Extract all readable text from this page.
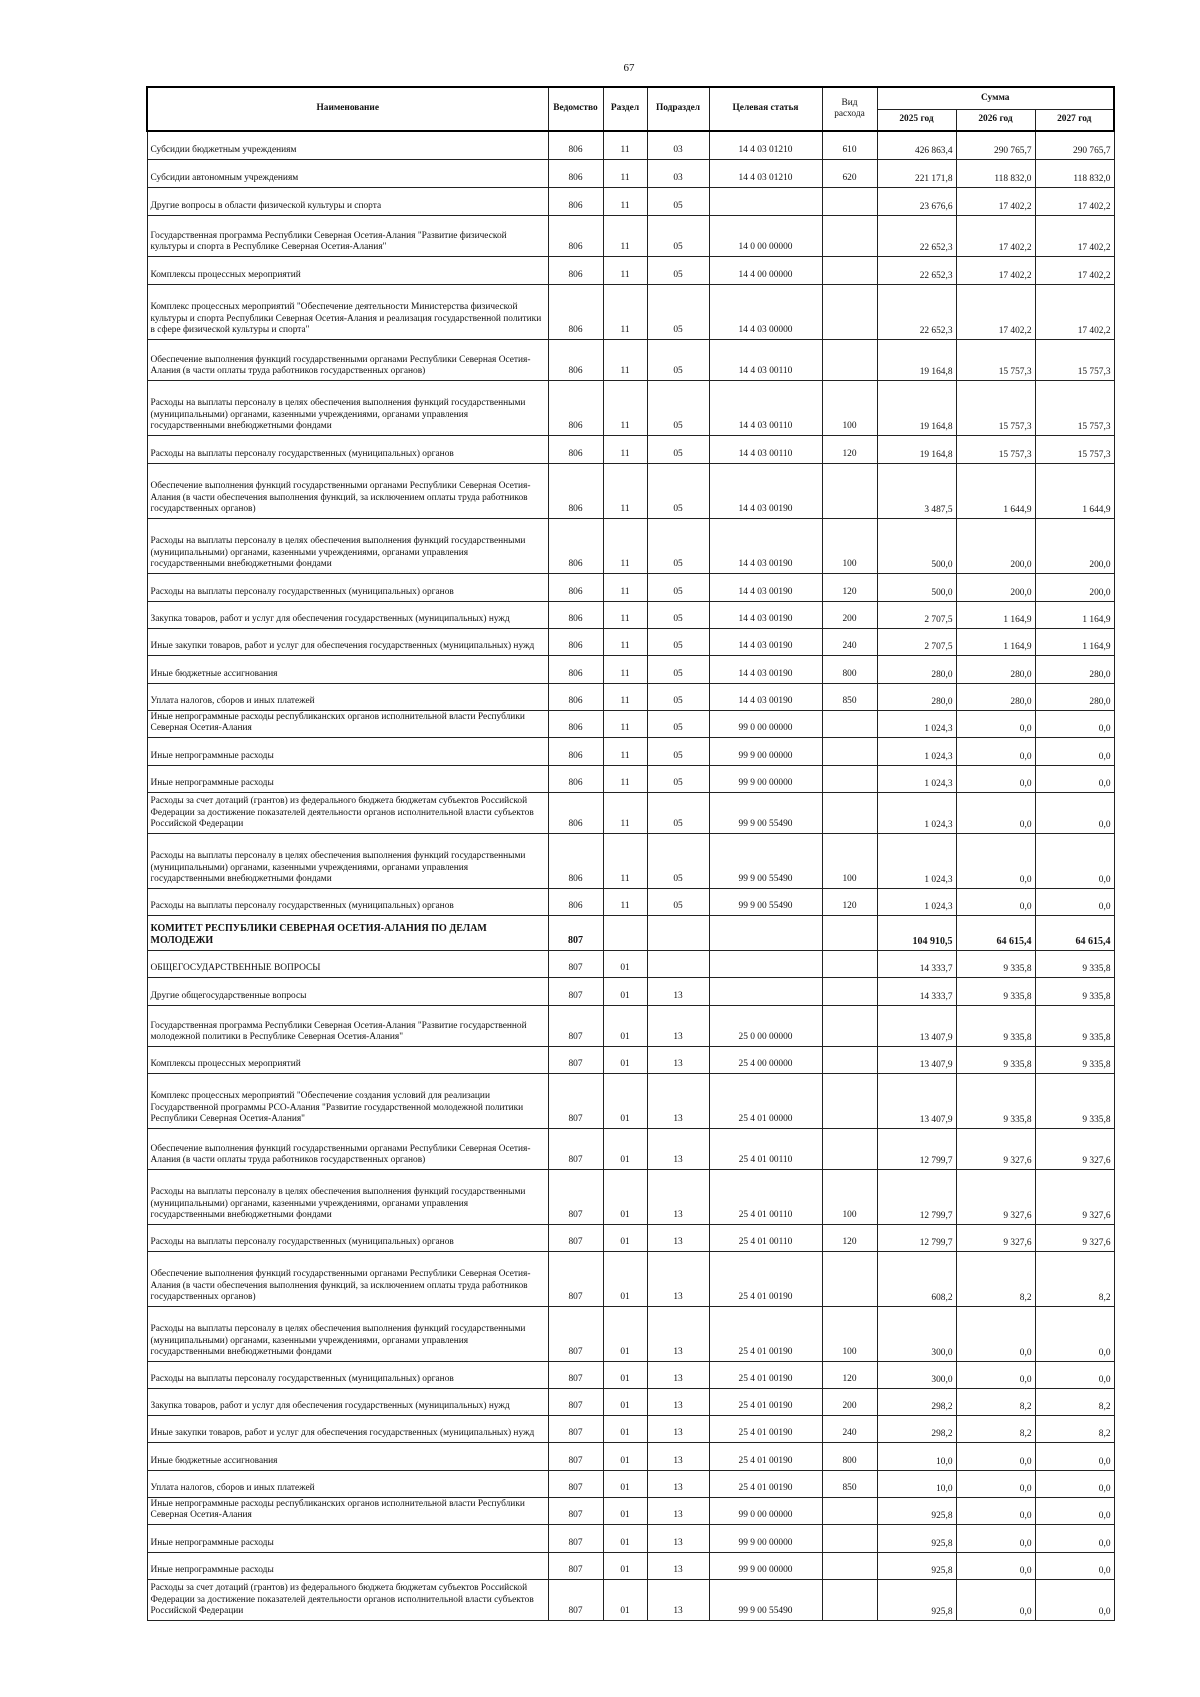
67
Наименование	Ведомство	Раздел	Подраздел	Целевая статья	Вид расхода	Сумма		
						2025 год	2026 год	2027 год
Субсидии бюджетным учреждениям	806	11	03	14 4 03 01210	610	426 863,4	290 765,7	290 765,7
Субсидии автономным учреждениям	806	11	03	14 4 03 01210	620	221 171,8	118 832,0	118 832,0
Другие вопросы в области физической культуры и спорта	806	11	05			23 676,6	17 402,2	17 402,2
Государственная программа Республики Северная Осетия-Алания "Развитие физической культуры и спорта в Республике Северная Осетия-Алания"	806	11	05	14 0 00 00000		22 652,3	17 402,2	17 402,2
Комплексы процессных мероприятий	806	11	05	14 4 00 00000		22 652,3	17 402,2	17 402,2
Комплекс процессных мероприятий "Обеспечение деятельности Министерства физической культуры и спорта Республики Северная Осетия-Алания и реализация государственной политики в сфере физической культуры и спорта"	806	11	05	14 4 03 00000		22 652,3	17 402,2	17 402,2
Обеспечение выполнения функций государственными органами Республики Северная Осетия-Алания (в части оплаты труда работников государственных органов)	806	11	05	14 4 03 00110		19 164,8	15 757,3	15 757,3
Расходы на выплаты персоналу в целях обеспечения выполнения функций государственными (муниципальными) органами, казенными учреждениями, органами управления государственными внебюджетными фондами	806	11	05	14 4 03 00110	100	19 164,8	15 757,3	15 757,3
Расходы на выплаты персоналу государственных (муниципальных) органов	806	11	05	14 4 03 00110	120	19 164,8	15 757,3	15 757,3
Обеспечение выполнения функций государственными органами Республики Северная Осетия-Алания (в части обеспечения выполнения функций, за исключением оплаты труда работников государственных органов)	806	11	05	14 4 03 00190		3 487,5	1 644,9	1 644,9
Расходы на выплаты персоналу в целях обеспечения выполнения функций государственными (муниципальными) органами, казенными учреждениями, органами управления государственными внебюджетными фондами	806	11	05	14 4 03 00190	100	500,0	200,0	200,0
Расходы на выплаты персоналу государственных (муниципальных) органов	806	11	05	14 4 03 00190	120	500,0	200,0	200,0
Закупка товаров, работ и услуг для обеспечения государственных (муниципальных) нужд	806	11	05	14 4 03 00190	200	2 707,5	1 164,9	1 164,9
Иные закупки товаров, работ и услуг для обеспечения государственных (муниципальных) нужд	806	11	05	14 4 03 00190	240	2 707,5	1 164,9	1 164,9
Иные бюджетные ассигнования	806	11	05	14 4 03 00190	800	280,0	280,0	280,0
Уплата налогов, сборов и иных платежей	806	11	05	14 4 03 00190	850	280,0	280,0	280,0
Иные непрограммные расходы республиканских органов исполнительной власти Республики Северная Осетия-Алания	806	11	05	99 0 00 00000		1 024,3	0,0	0,0
Иные непрограммные расходы	806	11	05	99 9 00 00000		1 024,3	0,0	0,0
Иные непрограммные расходы	806	11	05	99 9 00 00000		1 024,3	0,0	0,0
Расходы за счет дотаций (грантов) из федерального бюджета бюджетам субъектов Российской Федерации за достижение показателей деятельности органов исполнительной власти субъектов Российской Федерации	806	11	05	99 9 00 55490		1 024,3	0,0	0,0
Расходы на выплаты персоналу в целях обеспечения выполнения функций государственными (муниципальными) органами, казенными учреждениями, органами управления государственными внебюджетными фондами	806	11	05	99 9 00 55490	100	1 024,3	0,0	0,0
Расходы на выплаты персоналу государственных (муниципальных) органов	806	11	05	99 9 00 55490	120	1 024,3	0,0	0,0
КОМИТЕТ РЕСПУБЛИКИ СЕВЕРНАЯ ОСЕТИЯ-АЛАНИЯ ПО ДЕЛАМ МОЛОДЕЖИ	807					104 910,5	64 615,4	64 615,4
ОБЩЕГОСУДАРСТВЕННЫЕ ВОПРОСЫ	807	01				14 333,7	9 335,8	9 335,8
Другие общегосударственные вопросы	807	01	13			14 333,7	9 335,8	9 335,8
Государственная программа Республики Северная Осетия-Алания "Развитие государственной молодежной политики в Республике Северная Осетия-Алания"	807	01	13	25 0 00 00000		13 407,9	9 335,8	9 335,8
Комплексы процессных мероприятий	807	01	13	25 4 00 00000		13 407,9	9 335,8	9 335,8
Комплекс процессных мероприятий "Обеспечение создания условий для реализации Государственной программы РСО-Алания "Развитие государственной молодежной политики Республики Северная Осетия-Алания"	807	01	13	25 4 01 00000		13 407,9	9 335,8	9 335,8
Обеспечение выполнения функций государственными органами Республики Северная Осетия-Алания (в части оплаты труда работников государственных органов)	807	01	13	25 4 01 00110		12 799,7	9 327,6	9 327,6
Расходы на выплаты персоналу в целях обеспечения выполнения функций государственными (муниципальными) органами, казенными учреждениями, органами управления государственными внебюджетными фондами	807	01	13	25 4 01 00110	100	12 799,7	9 327,6	9 327,6
Расходы на выплаты персоналу государственных (муниципальных) органов	807	01	13	25 4 01 00110	120	12 799,7	9 327,6	9 327,6
Обеспечение выполнения функций государственными органами Республики Северная Осетия-Алания (в части обеспечения выполнения функций, за исключением оплаты труда работников государственных органов)	807	01	13	25 4 01 00190		608,2	8,2	8,2
Расходы на выплаты персоналу в целях обеспечения выполнения функций государственными (муниципальными) органами, казенными учреждениями, органами управления государственными внебюджетными фондами	807	01	13	25 4 01 00190	100	300,0	0,0	0,0
Расходы на выплаты персоналу государственных (муниципальных) органов	807	01	13	25 4 01 00190	120	300,0	0,0	0,0
Закупка товаров, работ и услуг для обеспечения государственных (муниципальных) нужд	807	01	13	25 4 01 00190	200	298,2	8,2	8,2
Иные закупки товаров, работ и услуг для обеспечения государственных (муниципальных) нужд	807	01	13	25 4 01 00190	240	298,2	8,2	8,2
Иные бюджетные ассигнования	807	01	13	25 4 01 00190	800	10,0	0,0	0,0
Уплата налогов, сборов и иных платежей	807	01	13	25 4 01 00190	850	10,0	0,0	0,0
Иные непрограммные расходы республиканских органов исполнительной власти Республики Северная Осетия-Алания	807	01	13	99 0 00 00000		925,8	0,0	0,0
Иные непрограммные расходы	807	01	13	99 9 00 00000		925,8	0,0	0,0
Иные непрограммные расходы	807	01	13	99 9 00 00000		925,8	0,0	0,0
Расходы за счет дотаций (грантов) из федерального бюджета бюджетам субъектов Российской Федерации за достижение показателей деятельности органов исполнительной власти субъектов Российской Федерации	807	01	13	99 9 00 55490		925,8	0,0	0,0
